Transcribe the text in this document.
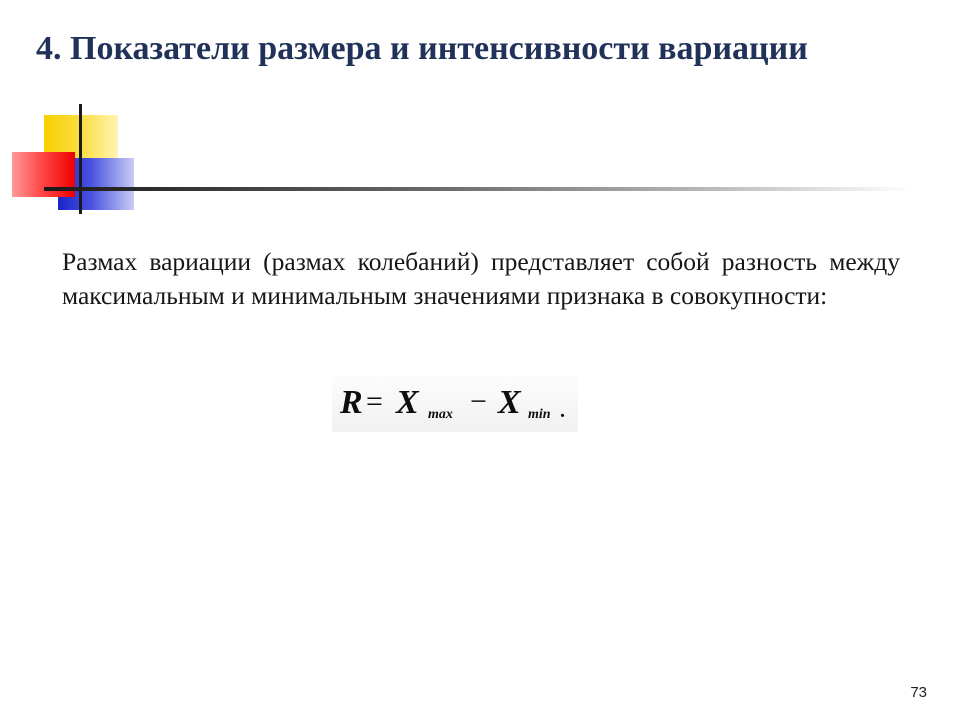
4. Показатели размера и интенсивности вариации

Размах вариации (размах колебаний) представляет собой разность между максимальным и минимальным значениями признака в совокупности:

R = X max − X min .
73
